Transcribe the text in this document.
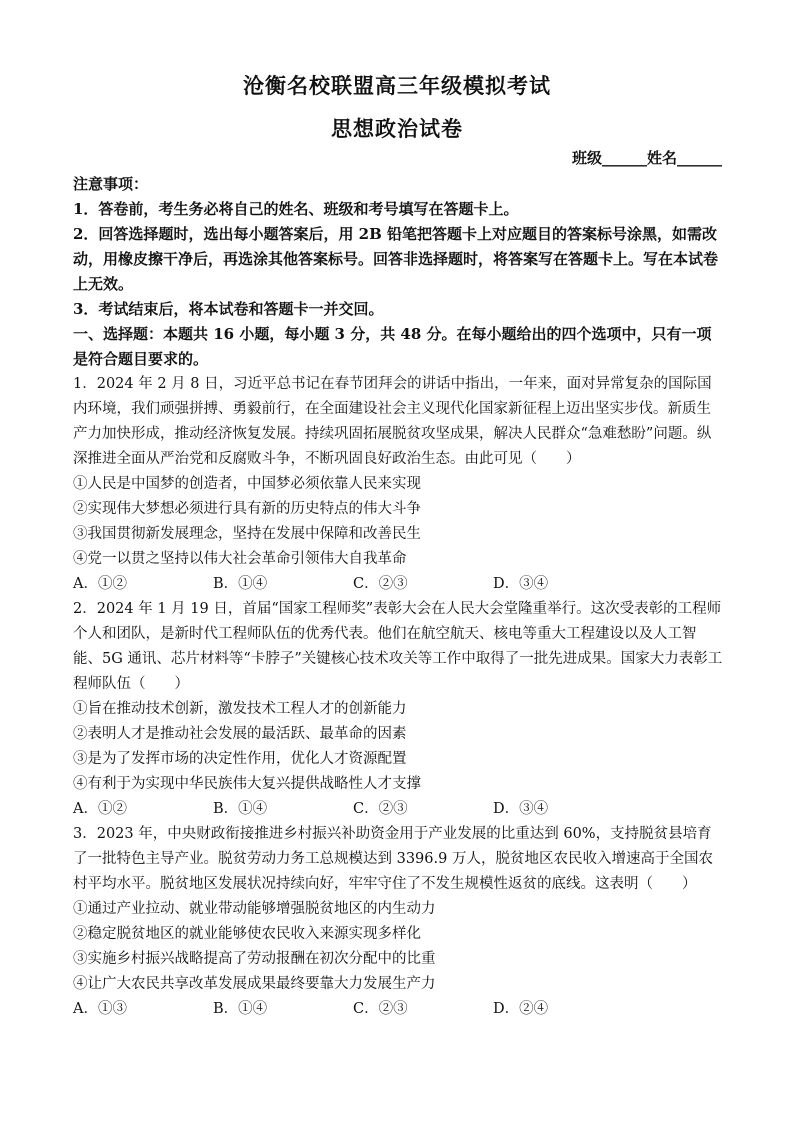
沧衡名校联盟高三年级模拟考试
思想政治试卷
班级______姓名______

注意事项：

1．答卷前，考生务必将自己的姓名、班级和考号填写在答题卡上。

2．回答选择题时，选出每小题答案后，用 2B 铅笔把答题卡上对应题目的答案标号涂黑，如需改动，用橡皮擦干净后，再选涂其他答案标号。回答非选择题时，将答案写在答题卡上。写在本试卷上无效。

3．考试结束后，将本试卷和答题卡一并交回。

一、选择题：本题共 16 小题，每小题 3 分，共 48 分。在每小题给出的四个选项中，只有一项是符合题目要求的。

1．2024 年 2 月 8 日，习近平总书记在春节团拜会的讲话中指出，一年来，面对异常复杂的国际国内环境，我们顽强拼搏、勇毅前行，在全面建设社会主义现代化国家新征程上迈出坚实步伐。新质生产力加快形成，推动经济恢复发展。持续巩固拓展脱贫攻坚成果，解决人民群众“急难愁盼”问题。纵深推进全面从严治党和反腐败斗争，不断巩固良好政治生态。由此可见（　　）

①人民是中国梦的创造者，中国梦必须依靠人民来实现

②实现伟大梦想必须进行具有新的历史特点的伟大斗争

③我国贯彻新发展理念，坚持在发展中保障和改善民生

④党一以贯之坚持以伟大社会革命引领伟大自我革命

A．①②	B．①④	C．②③	D．③④

2．2024 年 1 月 19 日，首届“国家工程师奖”表彰大会在人民大会堂隆重举行。这次受表彰的工程师个人和团队，是新时代工程师队伍的优秀代表。他们在航空航天、核电等重大工程建设以及人工智能、5G 通讯、芯片材料等“卡脖子”关键核心技术攻关等工作中取得了一批先进成果。国家大力表彰工程师队伍（　　）

①旨在推动技术创新，激发技术工程人才的创新能力

②表明人才是推动社会发展的最活跃、最革命的因素

③是为了发挥市场的决定性作用，优化人才资源配置

④有利于为实现中华民族伟大复兴提供战略性人才支撑

A．①②	B．①④	C．②③	D．③④

3．2023 年，中央财政衔接推进乡村振兴补助资金用于产业发展的比重达到 60%，支持脱贫县培育了一批特色主导产业。脱贫劳动力务工总规模达到 3396.9 万人，脱贫地区农民收入增速高于全国农村平均水平。脱贫地区发展状况持续向好，牢牢守住了不发生规模性返贫的底线。这表明（　　）

①通过产业拉动、就业带动能够增强脱贫地区的内生动力

②稳定脱贫地区的就业能够使农民收入来源实现多样化

③实施乡村振兴战略提高了劳动报酬在初次分配中的比重

④让广大农民共享改革发展成果最终要靠大力发展生产力

A．①③	B．①④	C．②③	D．②④
